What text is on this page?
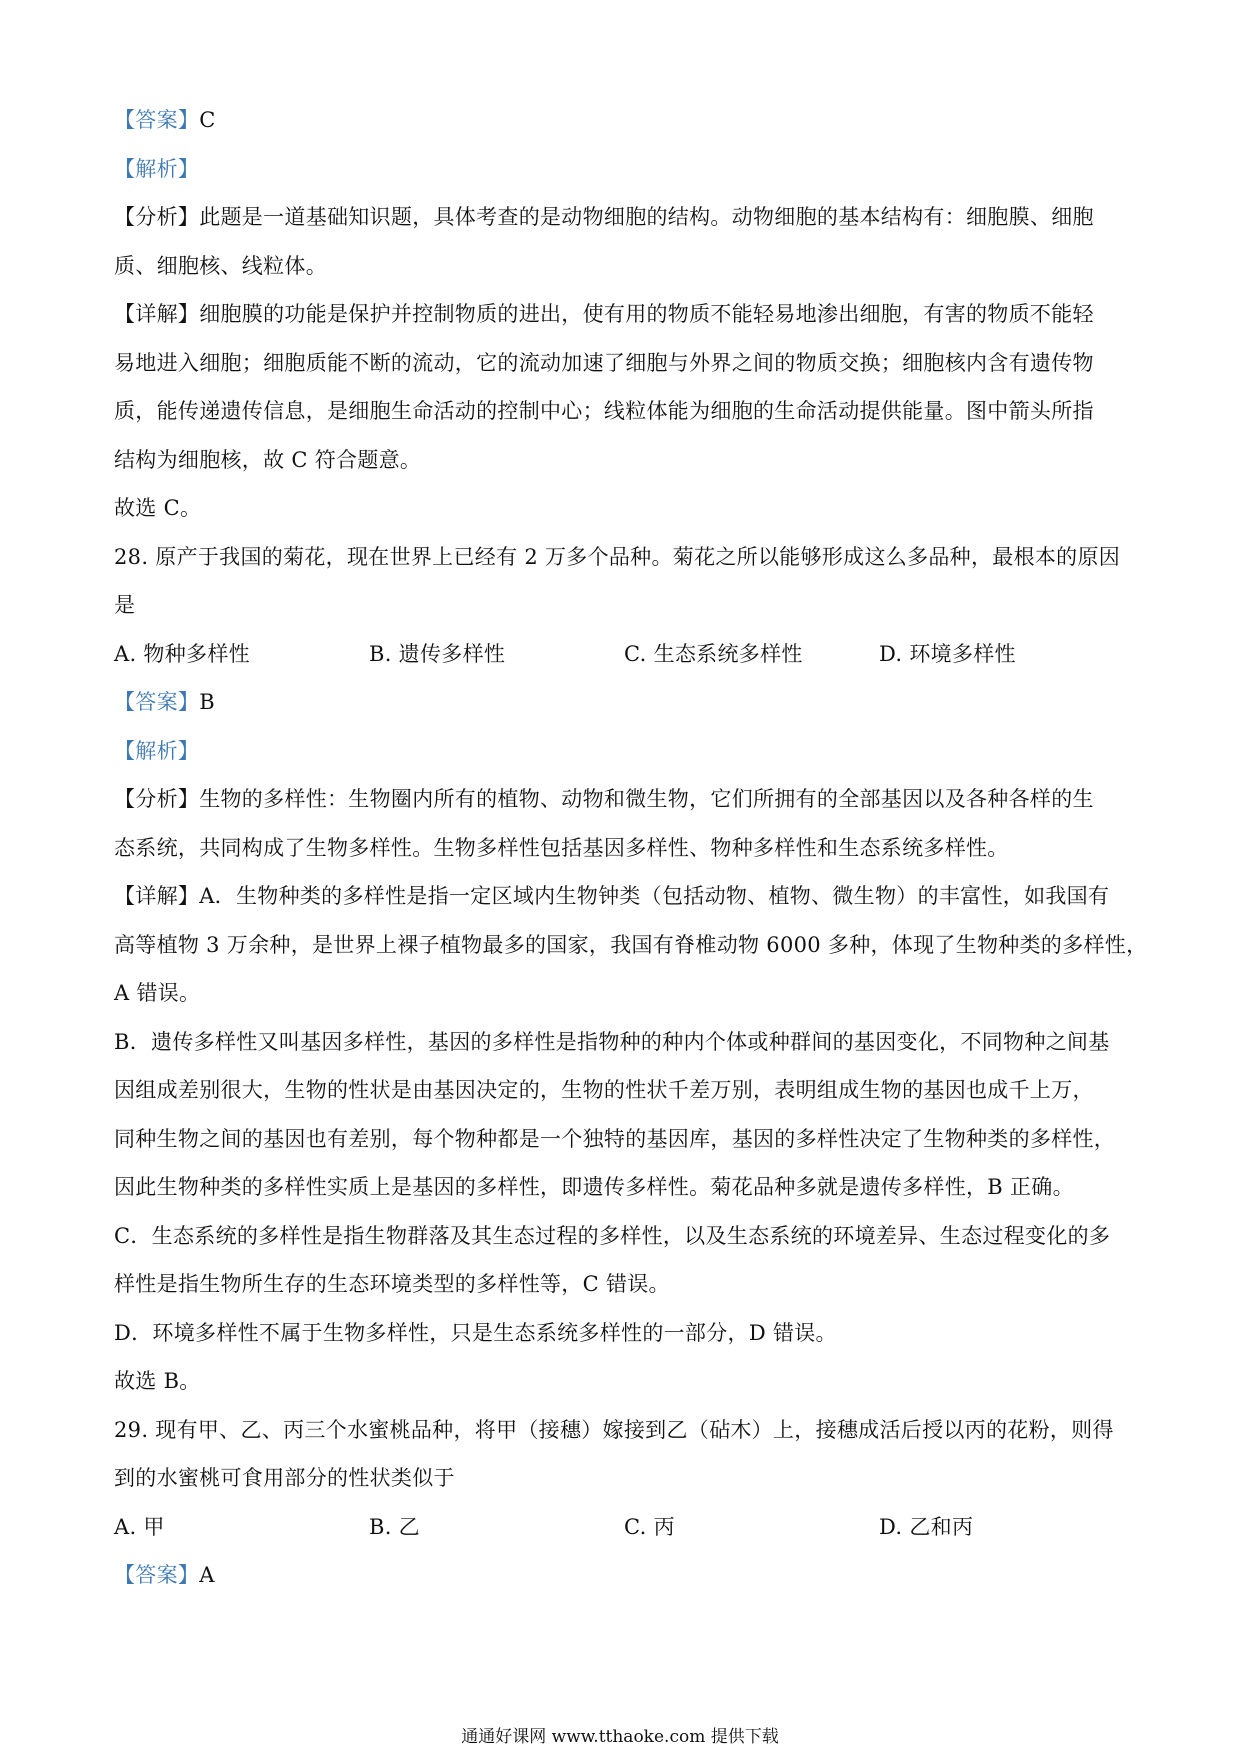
【答案】C
【解析】
【分析】此题是一道基础知识题，具体考查的是动物细胞的结构。动物细胞的基本结构有：细胞膜、细胞
质、细胞核、线粒体。
【详解】细胞膜的功能是保护并控制物质的进出，使有用的物质不能轻易地渗出细胞，有害的物质不能轻
易地进入细胞；细胞质能不断的流动，它的流动加速了细胞与外界之间的物质交换；细胞核内含有遗传物
质，能传递遗传信息，是细胞生命活动的控制中心；线粒体能为细胞的生命活动提供能量。图中箭头所指
结构为细胞核，故 C 符合题意。
故选 C。
28. 原产于我国的菊花，现在世界上已经有 2 万多个品种。菊花之所以能够形成这么多品种，最根本的原因
是
A. 物种多样性	B. 遗传多样性	C. 生态系统多样性	D. 环境多样性
【答案】B
【解析】
【分析】生物的多样性：生物圈内所有的植物、动物和微生物，它们所拥有的全部基因以及各种各样的生
态系统，共同构成了生物多样性。生物多样性包括基因多样性、物种多样性和生态系统多样性。
【详解】A．生物种类的多样性是指一定区域内生物钟类（包括动物、植物、微生物）的丰富性，如我国有
高等植物 3 万余种，是世界上裸子植物最多的国家，我国有脊椎动物 6000 多种，体现了生物种类的多样性，
A 错误。
B．遗传多样性又叫基因多样性，基因的多样性是指物种的种内个体或种群间的基因变化，不同物种之间基
因组成差别很大，生物的性状是由基因决定的，生物的性状千差万别，表明组成生物的基因也成千上万，
同种生物之间的基因也有差别，每个物种都是一个独特的基因库，基因的多样性决定了生物种类的多样性，
因此生物种类的多样性实质上是基因的多样性，即遗传多样性。菊花品种多就是遗传多样性，B 正确。
C．生态系统的多样性是指生物群落及其生态过程的多样性，以及生态系统的环境差异、生态过程变化的多
样性是指生物所生存的生态环境类型的多样性等，C 错误。
D．环境多样性不属于生物多样性，只是生态系统多样性的一部分，D 错误。
故选 B。
29. 现有甲、乙、丙三个水蜜桃品种，将甲（接穗）嫁接到乙（砧木）上，接穗成活后授以丙的花粉，则得
到的水蜜桃可食用部分的性状类似于
A. 甲	B. 乙	C. 丙	D. 乙和丙
【答案】A
通通好课网 www.tthaoke.com 提供下载
